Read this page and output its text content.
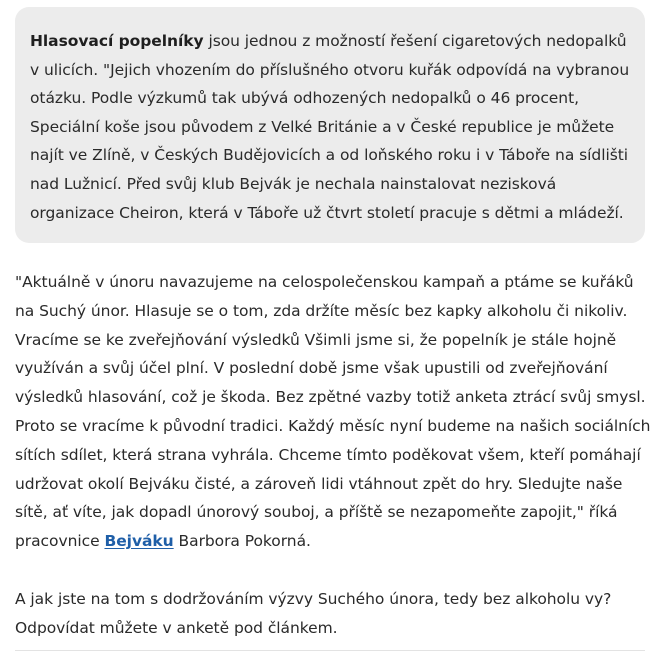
Hlasovací popelníky jsou jednou z možností řešení cigaretových nedopalků v ulicích. "Jejich vhozením do příslušného otvoru kuřák odpovídá na vybranou otázku. Podle výzkumů tak ubývá odhozených nedopalků o 46 procent, Speciální koše jsou původem z Velké Británie a v České republice je můžete najít ve Zlíně, v Českých Budějovicích a od loňského roku i v Táboře na sídlišti nad Lužnicí. Před svůj klub Bejvák je nechala nainstalovat nezisková organizace Cheiron, která v Táboře už čtvrt století pracuje s dětmi a mládeží.

"Aktuálně v únoru navazujeme na celospolečenskou kampaň a ptáme se kuřáků na Suchý únor. Hlasuje se o tom, zda držíte měsíc bez kapky alkoholu či nikoliv. Vracíme se ke zveřejňování výsledků Všimli jsme si, že popelník je stále hojně využíván a svůj účel plní. V poslední době jsme však upustili od zveřejňování výsledků hlasování, což je škoda. Bez zpětné vazby totiž anketa ztrácí svůj smysl. Proto se vracíme k původní tradici. Každý měsíc nyní budeme na našich sociálních sítích sdílet, která strana vyhrála. Chceme tímto poděkovat všem, kteří pomáhají udržovat okolí Bejváku čisté, a zároveň lidi vtáhnout zpět do hry. Sledujte naše sítě, ať víte, jak dopadl únorový souboj, a příště se nezapomeňte zapojit," říká pracovnice Bejváku Barbora Pokorná.

A jak jste na tom s dodržováním výzvy Suchého února, tedy bez alkoholu vy? Odpovídat můžete v anketě pod článkem.
